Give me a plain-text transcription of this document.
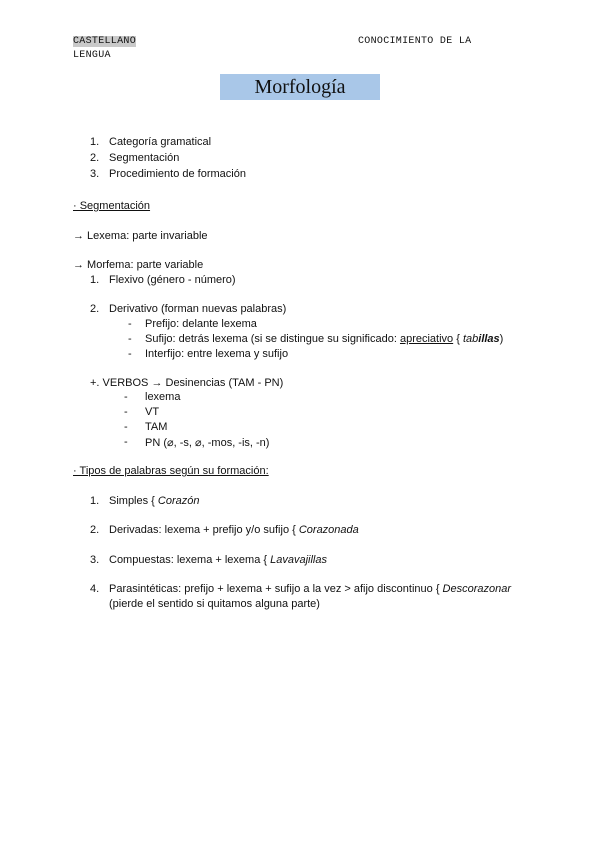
CASTELLANO	CONOCIMIENTO DE LA
LENGUA
Morfología
1. Categoría gramatical
2. Segmentación
3. Procedimiento de formación
· Segmentación
→ Lexema: parte invariable
→ Morfema: parte variable
1. Flexivo (género - número)
2. Derivativo (forman nuevas palabras)
- Prefijo: delante lexema
- Sufijo: detrás lexema (si se distingue su significado: apreciativo { tabillas)
- Interfijo: entre lexema y sufijo
+. VERBOS → Desinencias (TAM - PN)
- lexema
- VT
- TAM
- PN (⌀, -s, ⌀, -mos, -is, -n)
· Tipos de palabras según su formación:
1. Simples { Corazón
2. Derivadas: lexema + prefijo y/o sufijo { Corazonada
3. Compuestas: lexema + lexema { Lavavajillas
4. Parasintéticas: prefijo + lexema + sufijo a la vez > afijo discontinuo { Descorazonar
(pierde el sentido si quitamos alguna parte)
